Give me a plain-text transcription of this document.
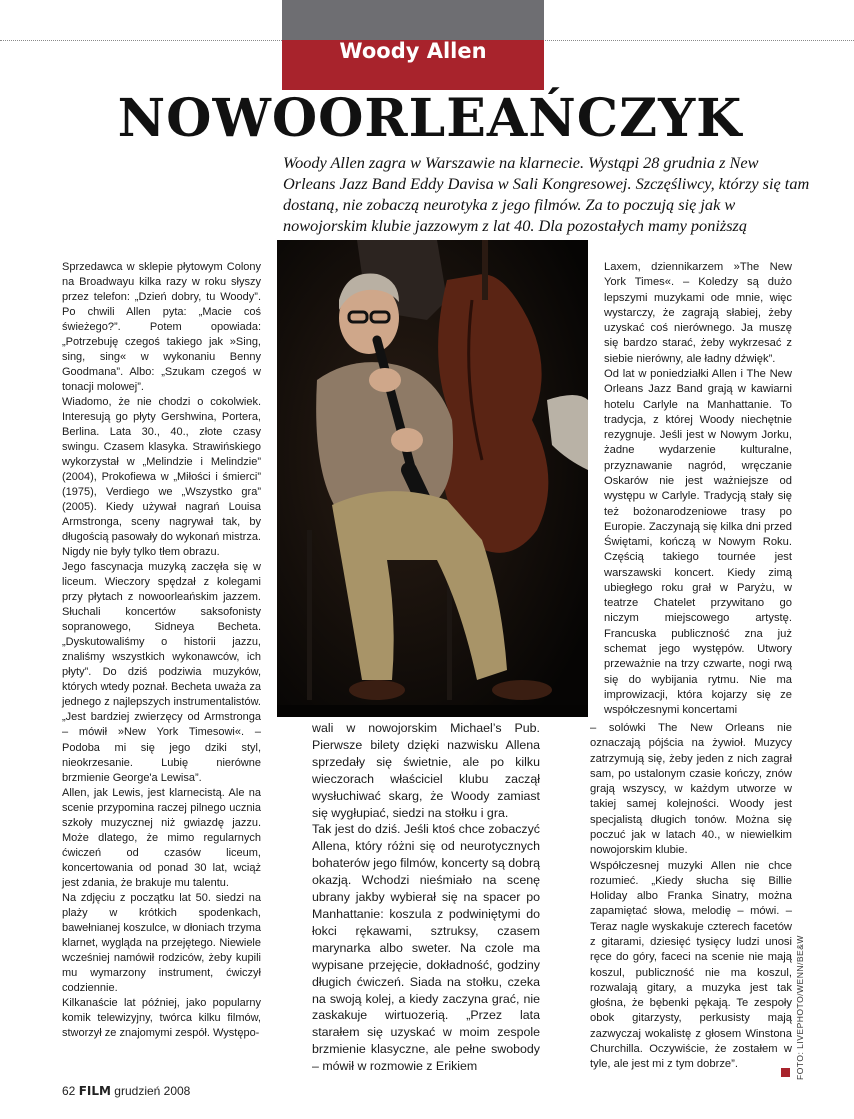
Woody Allen
NOWOORLEAŃCZYK
Woody Allen zagra w Warszawie na klarnecie. Wystąpi 28 grudnia z New Orleans Jazz Band Eddy Davisa w Sali Kongresowej. Szczęśliwcy, którzy się tam dostaną, nie zobaczą neurotyka z jego filmów. Za to poczują się jak w nowojorskim klubie jazzowym z lat 40. Dla pozostałych mamy poniższą

Sprzedawca w sklepie płytowym Colony na Broadwayu kilka razy w roku słyszy przez telefon: „Dzień dobry, tu Woody”. Po chwili Allen pyta: „Macie coś świeżego?”. Potem opowiada: „Potrzebuję czegoś takiego jak »Sing, sing, sing« w wykonaniu Benny Goodmana”. Albo: „Szukam czegoś w tonacji molowej”.

Wiadomo, że nie chodzi o cokolwiek. Interesują go płyty Gershwina, Portera, Berlina. Lata 30., 40., złote czasy swingu. Czasem klasyka. Strawińskiego wykorzystał w „Melindzie i Melindzie” (2004), Prokofiewa w „Miłości i śmierci” (1975), Verdiego we „Wszystko gra” (2005). Kiedy używał nagrań Louisa Armstronga, sceny nagrywał tak, by długością pasowały do wykonań mistrza. Nigdy nie były tylko tłem obrazu.

Jego fascynacja muzyką zaczęła się w liceum. Wieczory spędzał z kolegami przy płytach z nowoorleańskim jazzem. Słuchali koncertów saksofonisty sopranowego, Sidneya Becheta. „Dyskutowaliśmy o historii jazzu, znaliśmy wszystkich wykonawców, ich płyty”. Do dziś podziwia muzyków, których wtedy poznał. Becheta uważa za jednego z najlepszych instrumentalistów. „Jest bardziej zwierzęcy od Armstronga – mówił »New York Timesowi«. – Podoba mi się jego dziki styl, nieokrzesanie. Lubię nierówne brzmienie George'a Lewisa”.

Allen, jak Lewis, jest klarnecistą. Ale na scenie przypomina raczej pilnego ucznia szkoły muzycznej niż gwiazdę jazzu. Może dlatego, że mimo regularnych ćwiczeń od czasów liceum, koncertowania od ponad 30 lat, wciąż jest zdania, że brakuje mu talentu.

Na zdjęciu z początku lat 50. siedzi na plaży w krótkich spodenkach, bawełnianej koszulce, w dłoniach trzyma klarnet, wygląda na przejętego. Niewiele wcześniej namówił rodziców, żeby kupili mu wymarzony instrument, ćwiczył codziennie.

Kilkanaście lat później, jako popularny komik telewizyjny, twórca kilku filmów, stworzył ze znajomymi zespół. Występo-

wali w nowojorskim Michael’s Pub. Pierwsze bilety dzięki nazwisku Allena sprzedały się świetnie, ale po kilku wieczorach właściciel klubu zaczął wysłuchiwać skarg, że Woody zamiast się wygłupiać, siedzi na stołku i gra.

Tak jest do dziś. Jeśli ktoś chce zobaczyć Allena, który różni się od neurotycznych bohaterów jego filmów, koncerty są dobrą okazją. Wchodzi nieśmiało na scenę ubrany jakby wybierał się na spacer po Manhattanie: koszula z podwiniętymi do łokci rękawami, sztruksy, czasem marynarka albo sweter. Na czole ma wypisane przejęcie, dokładność, godziny długich ćwiczeń. Siada na stołku, czeka na swoją kolej, a kiedy zaczyna grać, nie zaskakuje wirtuozerią. „Przez lata starałem się uzyskać w moim zespole brzmienie klasyczne, ale pełne swobody – mówił w rozmowie z Erikiem

Laxem, dziennikarzem »The New York Times«. – Koledzy są dużo lepszymi muzykami ode mnie, więc wystarczy, że zagrają słabiej, żeby uzyskać coś nierównego. Ja muszę się bardzo starać, żeby wykrzesać z siebie nierówny, ale ładny dźwięk”.

Od lat w poniedziałki Allen i The New Orleans Jazz Band grają w kawiarni hotelu Carlyle na Manhattanie. To tradycja, z której Woody niechętnie rezygnuje. Jeśli jest w Nowym Jorku, żadne wydarzenie kulturalne, przyznawanie nagród, wręczanie Oskarów nie jest ważniejsze od występu w Carlyle. Tradycją stały się też bożonarodzeniowe trasy po Europie. Zaczynają się kilka dni przed Świętami, kończą w Nowym Roku. Częścią takiego tournée jest warszawski koncert. Kiedy zimą ubiegłego roku grał w Paryżu, w teatrze Chatelet przywitano go niczym miejscowego artystę. Francuska publiczność zna już schemat jego występów. Utwory przeważnie na trzy czwarte, nogi rwą się do wybijania rytmu. Nie ma improwizacji, która kojarzy się ze współczesnymi koncertami

– solówki The New Orleans nie oznaczają pójścia na żywioł. Muzycy zatrzymują się, żeby jeden z nich zagrał sam, po ustalonym czasie kończy, znów grają wszyscy, w każdym utworze w takiej samej kolejności. Woody jest specjalistą długich tonów. Można się poczuć jak w latach 40., w niewielkim nowojorskim klubie.

Współczesnej muzyki Allen nie chce rozumieć. „Kiedy słucha się Billie Holiday albo Franka Sinatry, można zapamiętać słowa, melodię – mówi. – Teraz nagle wyskakuje czterech facetów z gitarami, dziesięć tysięcy ludzi unosi ręce do góry, faceci na scenie nie mają koszul, publiczność nie ma koszul, rozwalają gitary, a muzyka jest tak głośna, że bębenki pękają. Te zespoły obok gitarzysty, perkusisty mają zazwyczaj wokalistę z głosem Winstona Churchilla. Oczywiście, że zostałem w tyle, ale jest mi z tym dobrze”.	FOTO: LIVEPHOTO/WENN/BE&W
62 FILM grudzień 2008
